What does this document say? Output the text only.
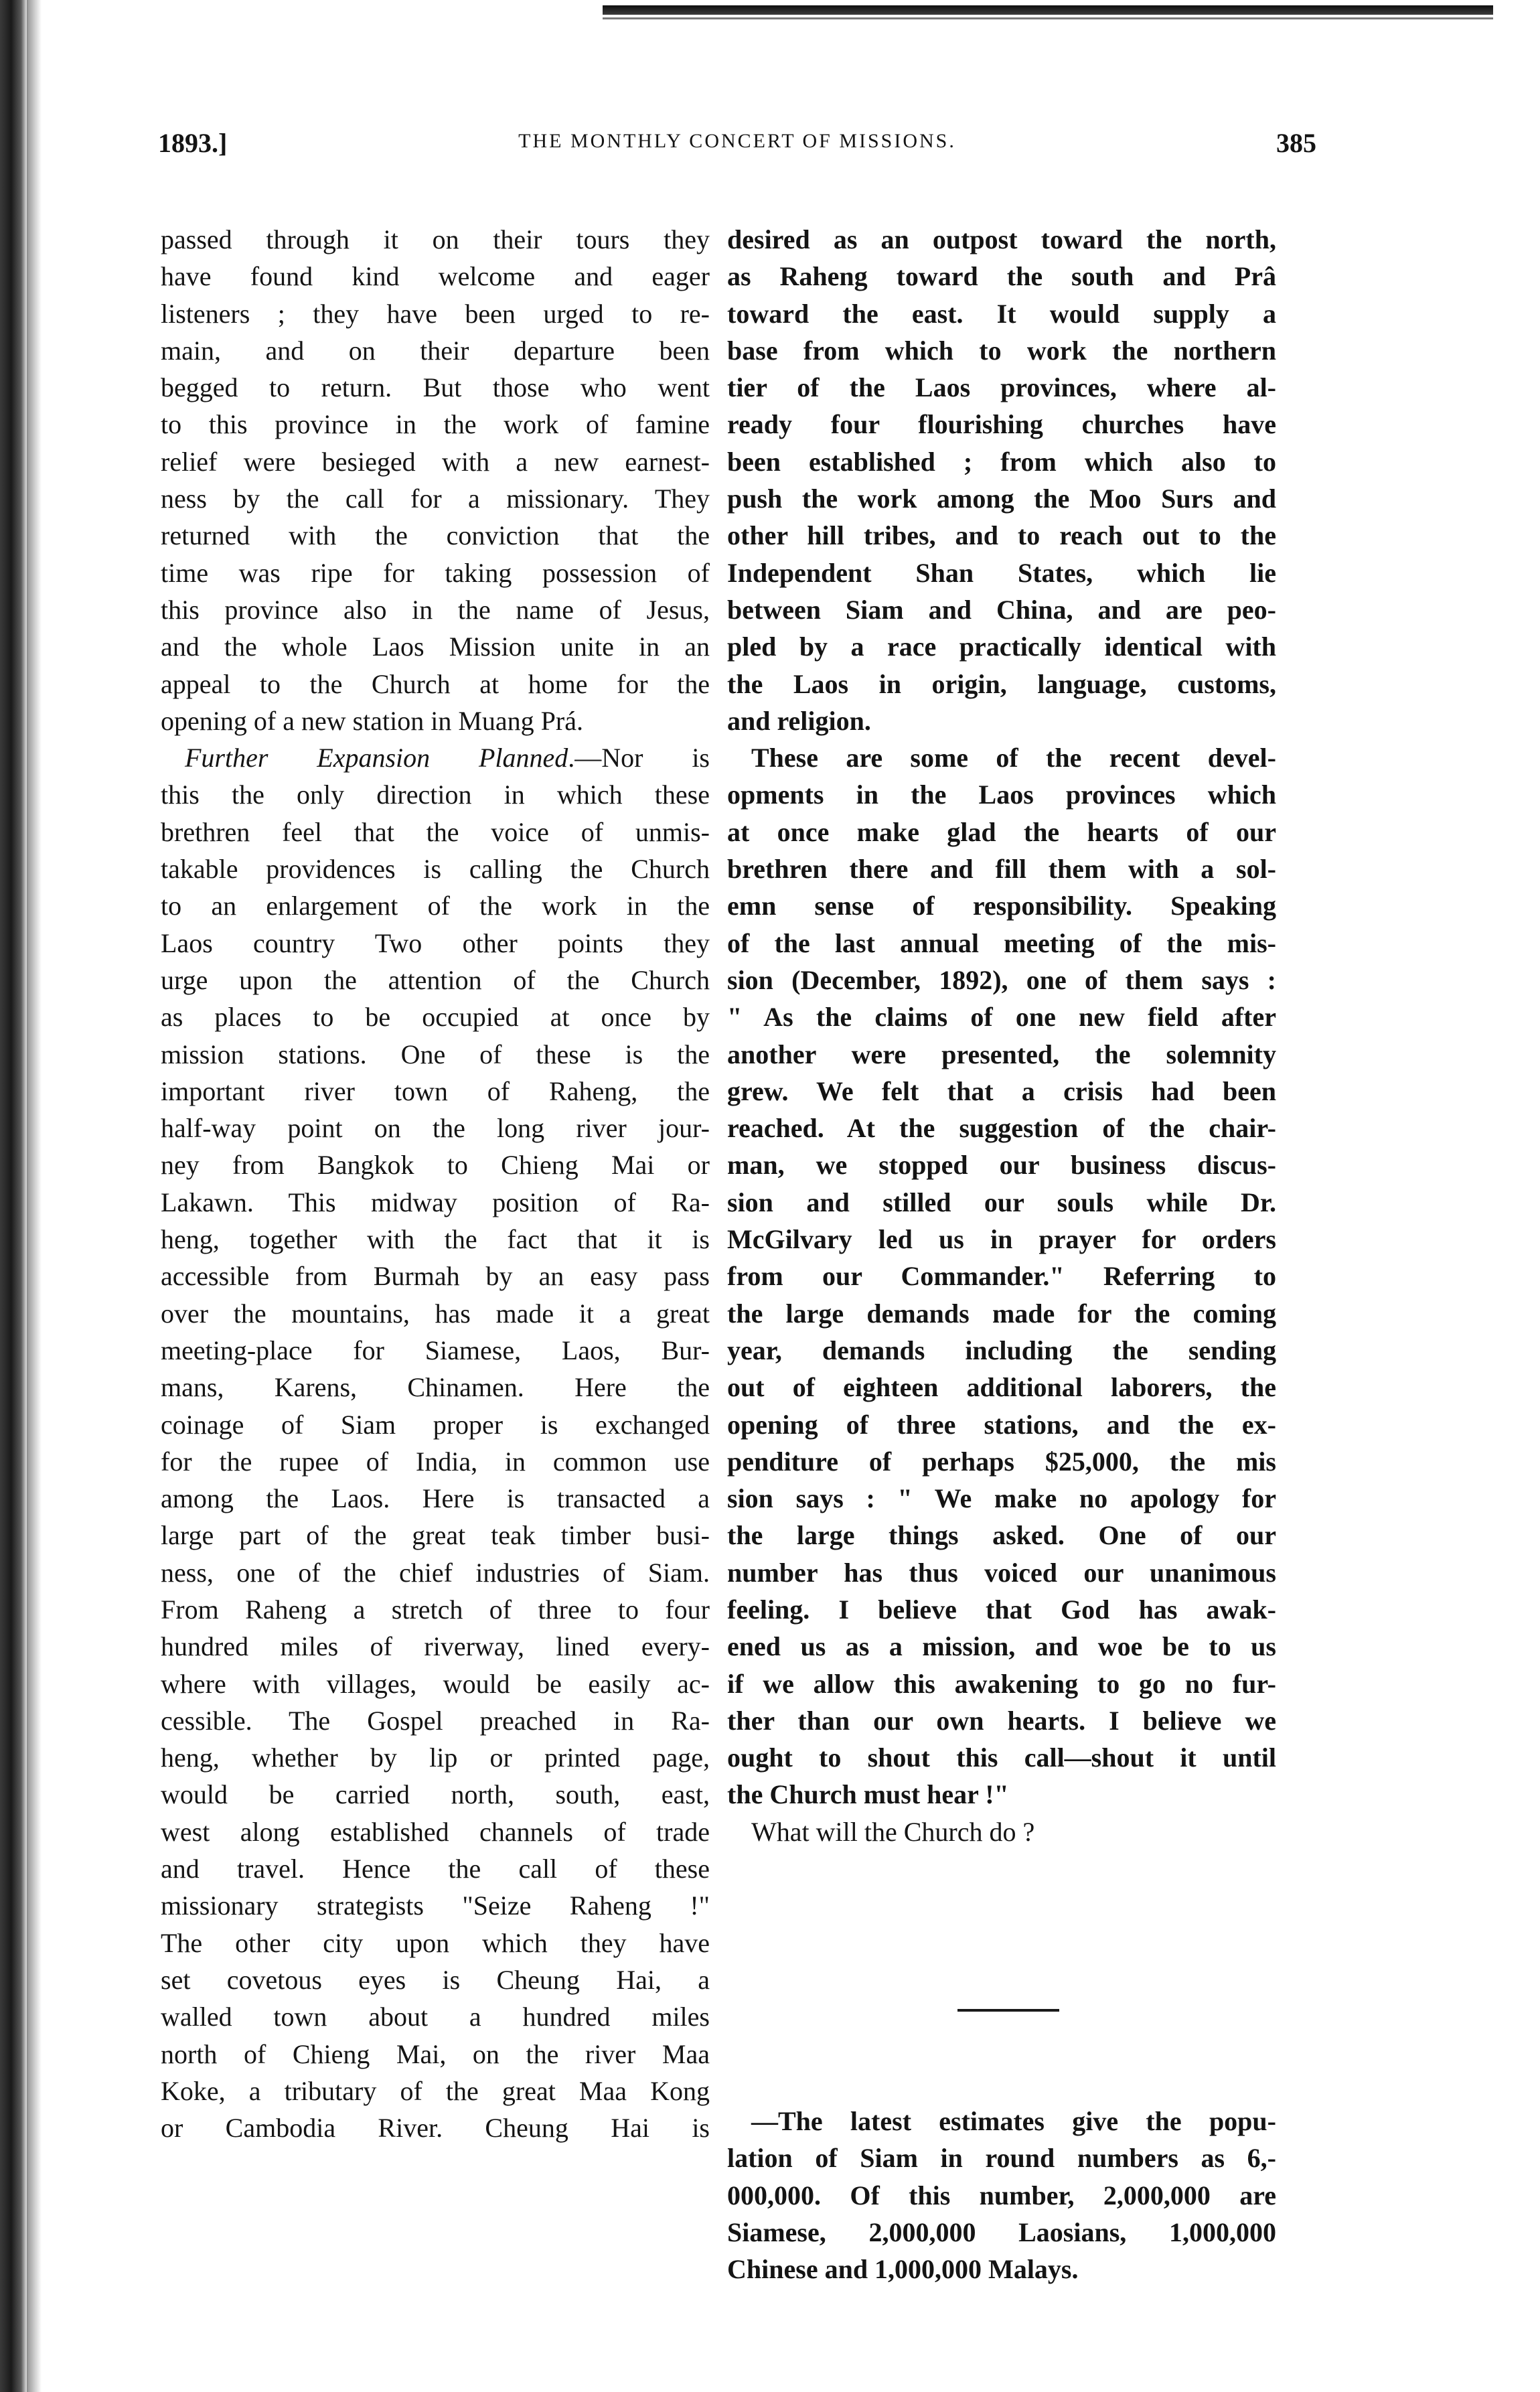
1893.]	THE MONTHLY CONCERT OF MISSIONS.	385
passed through it on their tours they
have found kind welcome and eager
listeners ; they have been urged to re-
main, and on their departure been
begged to return. But those who went
to this province in the work of famine
relief were besieged with a new earnest-
ness by the call for a missionary. They
returned with the conviction that the
time was ripe for taking possession of
this province also in the name of Jesus,
and the whole Laos Mission unite in an
appeal to the Church at home for the
opening of a new station in Muang Prá.
Further Expansion Planned.—Nor is
this the only direction in which these
brethren feel that the voice of unmis-
takable providences is calling the Church
to an enlargement of the work in the
Laos country Two other points they
urge upon the attention of the Church
as places to be occupied at once by
mission stations. One of these is the
important river town of Raheng, the
half-way point on the long river jour-
ney from Bangkok to Chieng Mai or
Lakawn. This midway position of Ra-
heng, together with the fact that it is
accessible from Burmah by an easy pass
over the mountains, has made it a great
meeting-place for Siamese, Laos, Bur-
mans, Karens, Chinamen. Here the
coinage of Siam proper is exchanged
for the rupee of India, in common use
among the Laos. Here is transacted a
large part of the great teak timber busi-
ness, one of the chief industries of Siam.
From Raheng a stretch of three to four
hundred miles of riverway, lined every-
where with villages, would be easily ac-
cessible. The Gospel preached in Ra-
heng, whether by lip or printed page,
would be carried north, south, east,
west along established channels of trade
and travel. Hence the call of these
missionary strategists "Seize Raheng !"
The other city upon which they have
set covetous eyes is Cheung Hai, a
walled town about a hundred miles
north of Chieng Mai, on the river Maa
Koke, a tributary of the great Maa Kong
or Cambodia River. Cheung Hai is
desired as an outpost toward the north,
as Raheng toward the south and Prâ
toward the east. It would supply a
base from which to work the northern
tier of the Laos provinces, where al-
ready four flourishing churches have
been established ; from which also to
push the work among the Moo Surs and
other hill tribes, and to reach out to the
Independent Shan States, which lie
between Siam and China, and are peo-
pled by a race practically identical with
the Laos in origin, language, customs,
and religion.
These are some of the recent devel-
opments in the Laos provinces which
at once make glad the hearts of our
brethren there and fill them with a sol-
emn sense of responsibility. Speaking
of the last annual meeting of the mis-
sion (December, 1892), one of them says :
" As the claims of one new field after
another were presented, the solemnity
grew. We felt that a crisis had been
reached. At the suggestion of the chair-
man, we stopped our business discus-
sion and stilled our souls while Dr.
McGilvary led us in prayer for orders
from our Commander." Referring to
the large demands made for the coming
year, demands including the sending
out of eighteen additional laborers, the
opening of three stations, and the ex-
penditure of perhaps $25,000, the mis
sion says : " We make no apology for
the large things asked. One of our
number has thus voiced our unanimous
feeling. I believe that God has awak-
ened us as a mission, and woe be to us
if we allow this awakening to go no fur-
ther than our own hearts. I believe we
ought to shout this call—shout it until
the Church must hear !"
What will the Church do ?
—The latest estimates give the popu-
lation of Siam in round numbers as 6,-
000,000. Of this number, 2,000,000 are
Siamese, 2,000,000 Laosians, 1,000,000
Chinese and 1,000,000 Malays.
